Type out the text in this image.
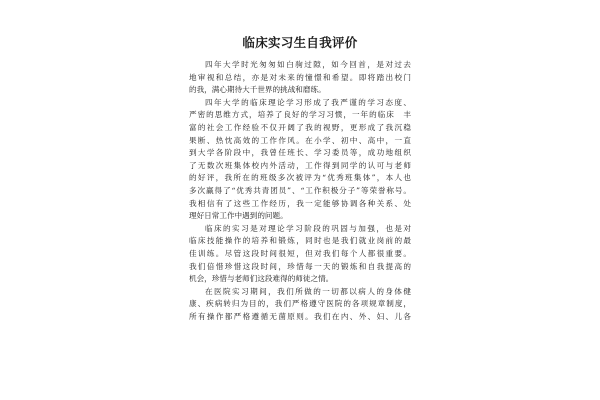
临床实习生自我评价
四年大学时光匆匆如白驹过隙，如今回首，是对过去
地审视和总结，亦是对未来的憧憬和希望。即将踏出校门
的我，满心期待大千世界的挑战和磨练。
四年大学的临床理论学习形成了我严谨的学习态度、
严密的思维方式，培养了良好的学习习惯，一年的临床　丰
富的社会工作经验不仅开阔了我的视野，更形成了我沉稳
果断、热忱高效的工作作风。在小学、初中、高中，一直
到大学各阶段中，我曾任班长、学习委员等，成功地组织
了无数次班集体校内外活动，工作得到同学的认可与老师
的好评，我所在的班级多次被评为“优秀班集体”，本人也
多次赢得了“优秀共青团员”、“工作积极分子”等荣誉称号。
我相信有了这些工作经历，我一定能够协调各种关系、处
理好日常工作中遇到的问题。
临床的实习是对理论学习阶段的巩固与加强，也是对
临床技能操作的培养和锻炼，同时也是我们就业岗前的最
佳训练。尽管这段时间很短，但对我们每个人都很重要。
我们倍惜珍惜这段时间，珍惜每一天的锻炼和自我提高的
机会，珍惜与老师们这段难得的师徒之情。
在医院实习期间，我们所做的一切都以病人的身体健
康、疾病转归为目的，我们严格遵守医院的各项规章制度，
所有操作都严格遵循无菌原则。我们在内、外、妇、儿各
